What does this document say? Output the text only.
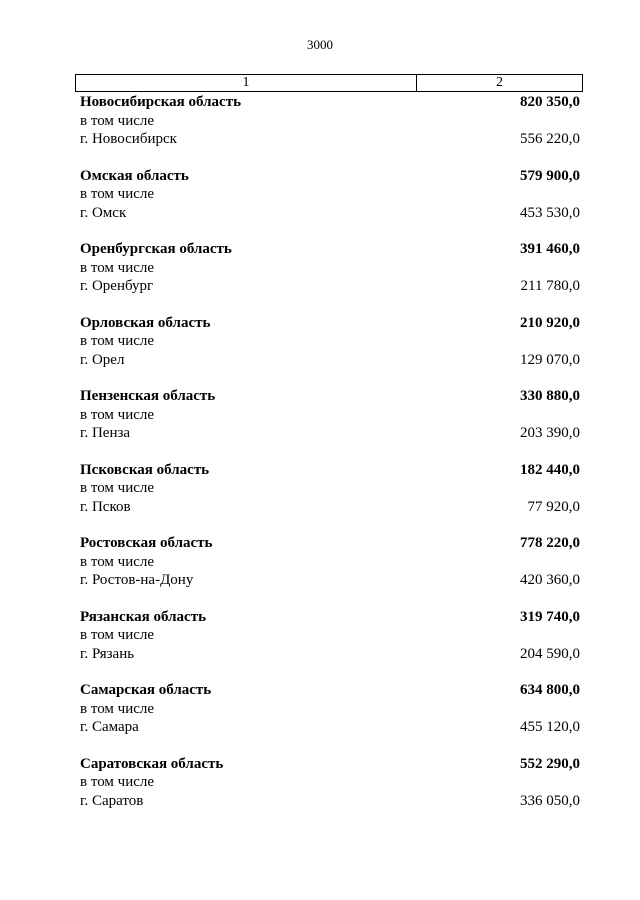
3000
1	2
Новосибирская область	820 350,0
в том числе
г. Новосибирск	556 220,0
Омская область	579 900,0
в том числе
г. Омск	453 530,0
Оренбургская область	391 460,0
в том числе
г. Оренбург	211 780,0
Орловская область	210 920,0
в том числе
г. Орел	129 070,0
Пензенская область	330 880,0
в том числе
г. Пенза	203 390,0
Псковская область	182 440,0
в том числе
г. Псков	77 920,0
Ростовская область	778 220,0
в том числе
г. Ростов-на-Дону	420 360,0
Рязанская область	319 740,0
в том числе
г. Рязань	204 590,0
Самарская область	634 800,0
в том числе
г. Самара	455 120,0
Саратовская область	552 290,0
в том числе
г. Саратов	336 050,0
